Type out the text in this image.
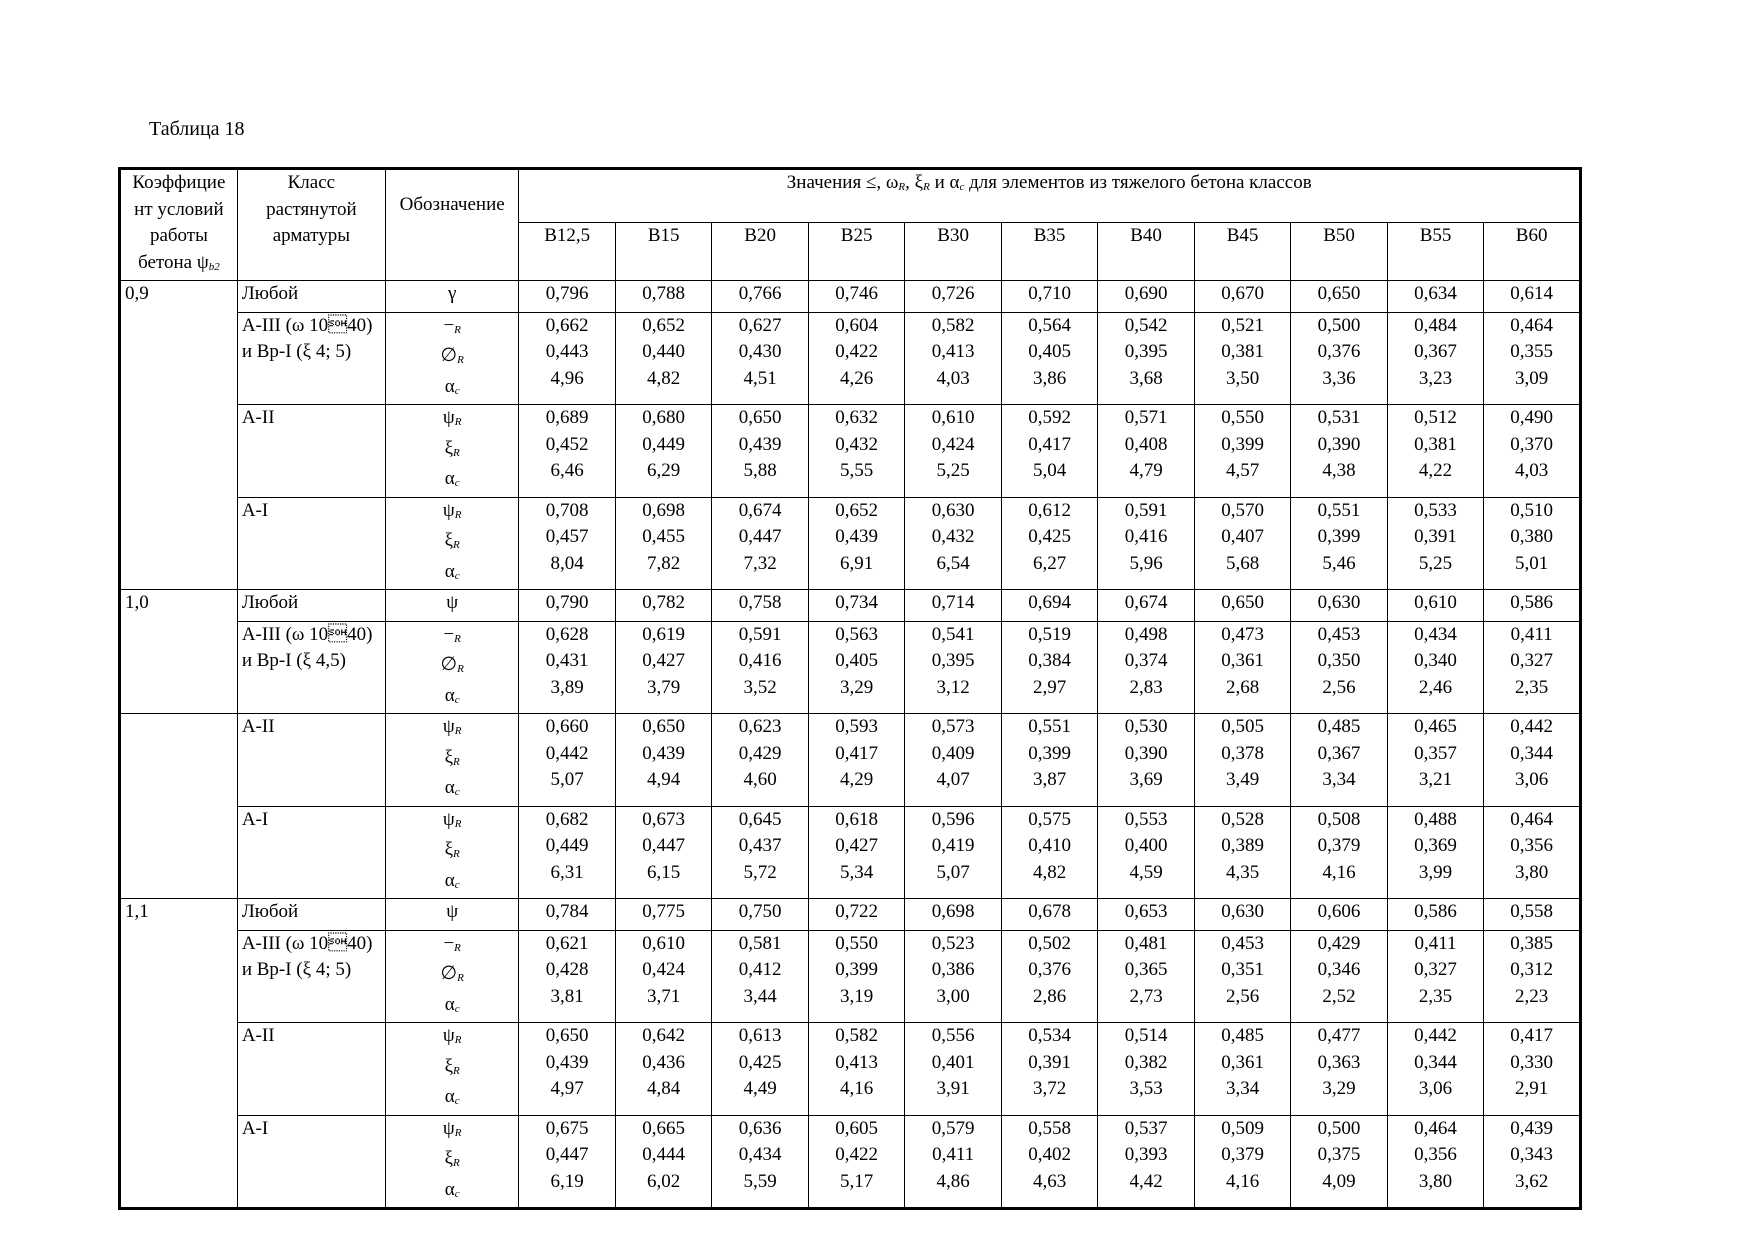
Таблица 18
Коэффицие
нт условий
работы
бетона $\psi_{b2}$	Класс
растянутой
арматуры	Обозначение	Значения ≤, $\omega_R$, $\xi_R$ и $\alpha_c$ для элементов из тяжелого бетона классов										
			B12,5	B15	B20	B25	B30	B35	B40	B45	B50	B55	B60
0,9	Любой	γ	0,796	0,788	0,766	0,746	0,726	0,710	0,690	0,670	0,650	0,634	0,614

	А-III (ω 1040)
и Вр-I (ξ 4; 5)	$-_R$
$\emptyset_R$
$\alpha_c$	0,662
0,443
4,96	0,652
0,440
4,82	0,627
0,430
4,51	0,604
0,422
4,26	0,582
0,413
4,03	0,564
0,405
3,86	0,542
0,395
3,68	0,521
0,381
3,50	0,500
0,376
3,36	0,484
0,367
3,23	0,464
0,355
3,09

	А-II	$\psi_R$
$\xi_R$
$\alpha_c$	0,689
0,452
6,46	0,680
0,449
6,29	0,650
0,439
5,88	0,632
0,432
5,55	0,610
0,424
5,25	0,592
0,417
5,04	0,571
0,408
4,79	0,550
0,399
4,57	0,531
0,390
4,38	0,512
0,381
4,22	0,490
0,370
4,03

	А-I	$\psi_R$
$\xi_R$
$\alpha_c$	0,708
0,457
8,04	0,698
0,455
7,82	0,674
0,447
7,32	0,652
0,439
6,91	0,630
0,432
6,54	0,612
0,425
6,27	0,591
0,416
5,96	0,570
0,407
5,68	0,551
0,399
5,46	0,533
0,391
5,25	0,510
0,380
5,01

1,0	Любой	ψ	0,790	0,782	0,758	0,734	0,714	0,694	0,674	0,650	0,630	0,610	0,586

	А-III (ω 1040)
и Вр-I (ξ 4,5)	$-_R$
$\emptyset_R$
$\alpha_c$	0,628
0,431
3,89	0,619
0,427
3,79	0,591
0,416
3,52	0,563
0,405
3,29	0,541
0,395
3,12	0,519
0,384
2,97	0,498
0,374
2,83	0,473
0,361
2,68	0,453
0,350
2,56	0,434
0,340
2,46	0,411
0,327
2,35

	А-II	$\psi_R$
$\xi_R$
$\alpha_c$	0,660
0,442
5,07	0,650
0,439
4,94	0,623
0,429
4,60	0,593
0,417
4,29	0,573
0,409
4,07	0,551
0,399
3,87	0,530
0,390
3,69	0,505
0,378
3,49	0,485
0,367
3,34	0,465
0,357
3,21	0,442
0,344
3,06

	А-I	$\psi_R$
$\xi_R$
$\alpha_c$	0,682
0,449
6,31	0,673
0,447
6,15	0,645
0,437
5,72	0,618
0,427
5,34	0,596
0,419
5,07	0,575
0,410
4,82	0,553
0,400
4,59	0,528
0,389
4,35	0,508
0,379
4,16	0,488
0,369
3,99	0,464
0,356
3,80

1,1	Любой	ψ	0,784	0,775	0,750	0,722	0,698	0,678	0,653	0,630	0,606	0,586	0,558

	А-III (ω 1040)
и Вр-I (ξ 4; 5)	$-_R$
$\emptyset_R$
$\alpha_c$	0,621
0,428
3,81	0,610
0,424
3,71	0,581
0,412
3,44	0,550
0,399
3,19	0,523
0,386
3,00	0,502
0,376
2,86	0,481
0,365
2,73	0,453
0,351
2,56	0,429
0,346
2,52	0,411
0,327
2,35	0,385
0,312
2,23

	А-II	$\psi_R$
$\xi_R$
$\alpha_c$	0,650
0,439
4,97	0,642
0,436
4,84	0,613
0,425
4,49	0,582
0,413
4,16	0,556
0,401
3,91	0,534
0,391
3,72	0,514
0,382
3,53	0,485
0,361
3,34	0,477
0,363
3,29	0,442
0,344
3,06	0,417
0,330
2,91

	А-I	$\psi_R$
$\xi_R$
$\alpha_c$	0,675
0,447
6,19	0,665
0,444
6,02	0,636
0,434
5,59	0,605
0,422
5,17	0,579
0,411
4,86	0,558
0,402
4,63	0,537
0,393
4,42	0,509
0,379
4,16	0,500
0,375
4,09	0,464
0,356
3,80	0,439
0,343
3,62
